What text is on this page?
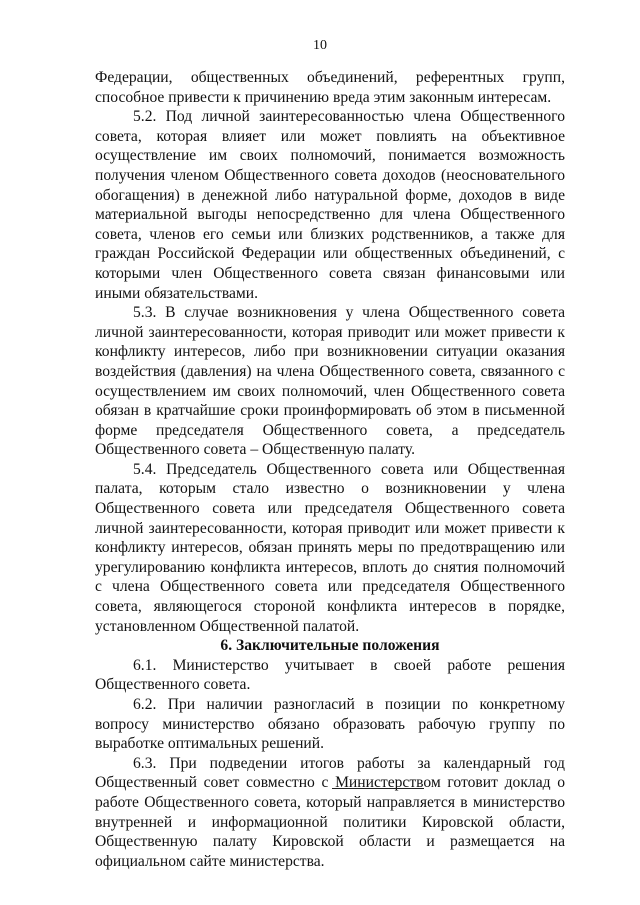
10

Федерации, общественных объединений, референтных групп, способное привести к причинению вреда этим законным интересам.

5.2. Под личной заинтересованностью члена Общественного совета, которая влияет или может повлиять на объективное осуществление им своих полномочий, понимается возможность получения членом Общественного совета доходов (неосновательного обогащения) в денежной либо натуральной форме, доходов в виде материальной выгоды непосредственно для члена Общественного совета, членов его семьи или близких родственников, а также для граждан Российской Федерации или общественных объединений, с которыми член Общественного совета связан финансовыми или иными обязательствами.

5.3. В случае возникновения у члена Общественного совета личной заинтересованности, которая приводит или может привести к конфликту интересов, либо при возникновении ситуации оказания воздействия (давления) на члена Общественного совета, связанного с осуществлением им своих полномочий, член Общественного совета обязан в кратчайшие сроки проинформировать об этом в письменной форме председателя Общественного совета, а председатель Общественного совета – Общественную палату.

5.4. Председатель Общественного совета или Общественная палата, которым стало известно о возникновении у члена Общественного совета или председателя Общественного совета личной заинтересованности, которая приводит или может привести к конфликту интересов, обязан принять меры по предотвращению или урегулированию конфликта интересов, вплоть до снятия полномочий с члена Общественного совета или председателя Общественного совета, являющегося стороной конфликта интересов в порядке, установленном Общественной палатой.

6. Заключительные положения

6.1. Министерство учитывает в своей работе решения Общественного совета.

6.2. При наличии разногласий в позиции по конкретному вопросу министерство обязано образовать рабочую группу по выработке оптимальных решений.

6.3. При подведении итогов работы за календарный год Общественный совет совместно с Министерством готовит доклад о работе Общественного совета, который направляется в министерство внутренней и информационной политики Кировской области, Общественную палату Кировской области и размещается на официальном сайте министерства.
